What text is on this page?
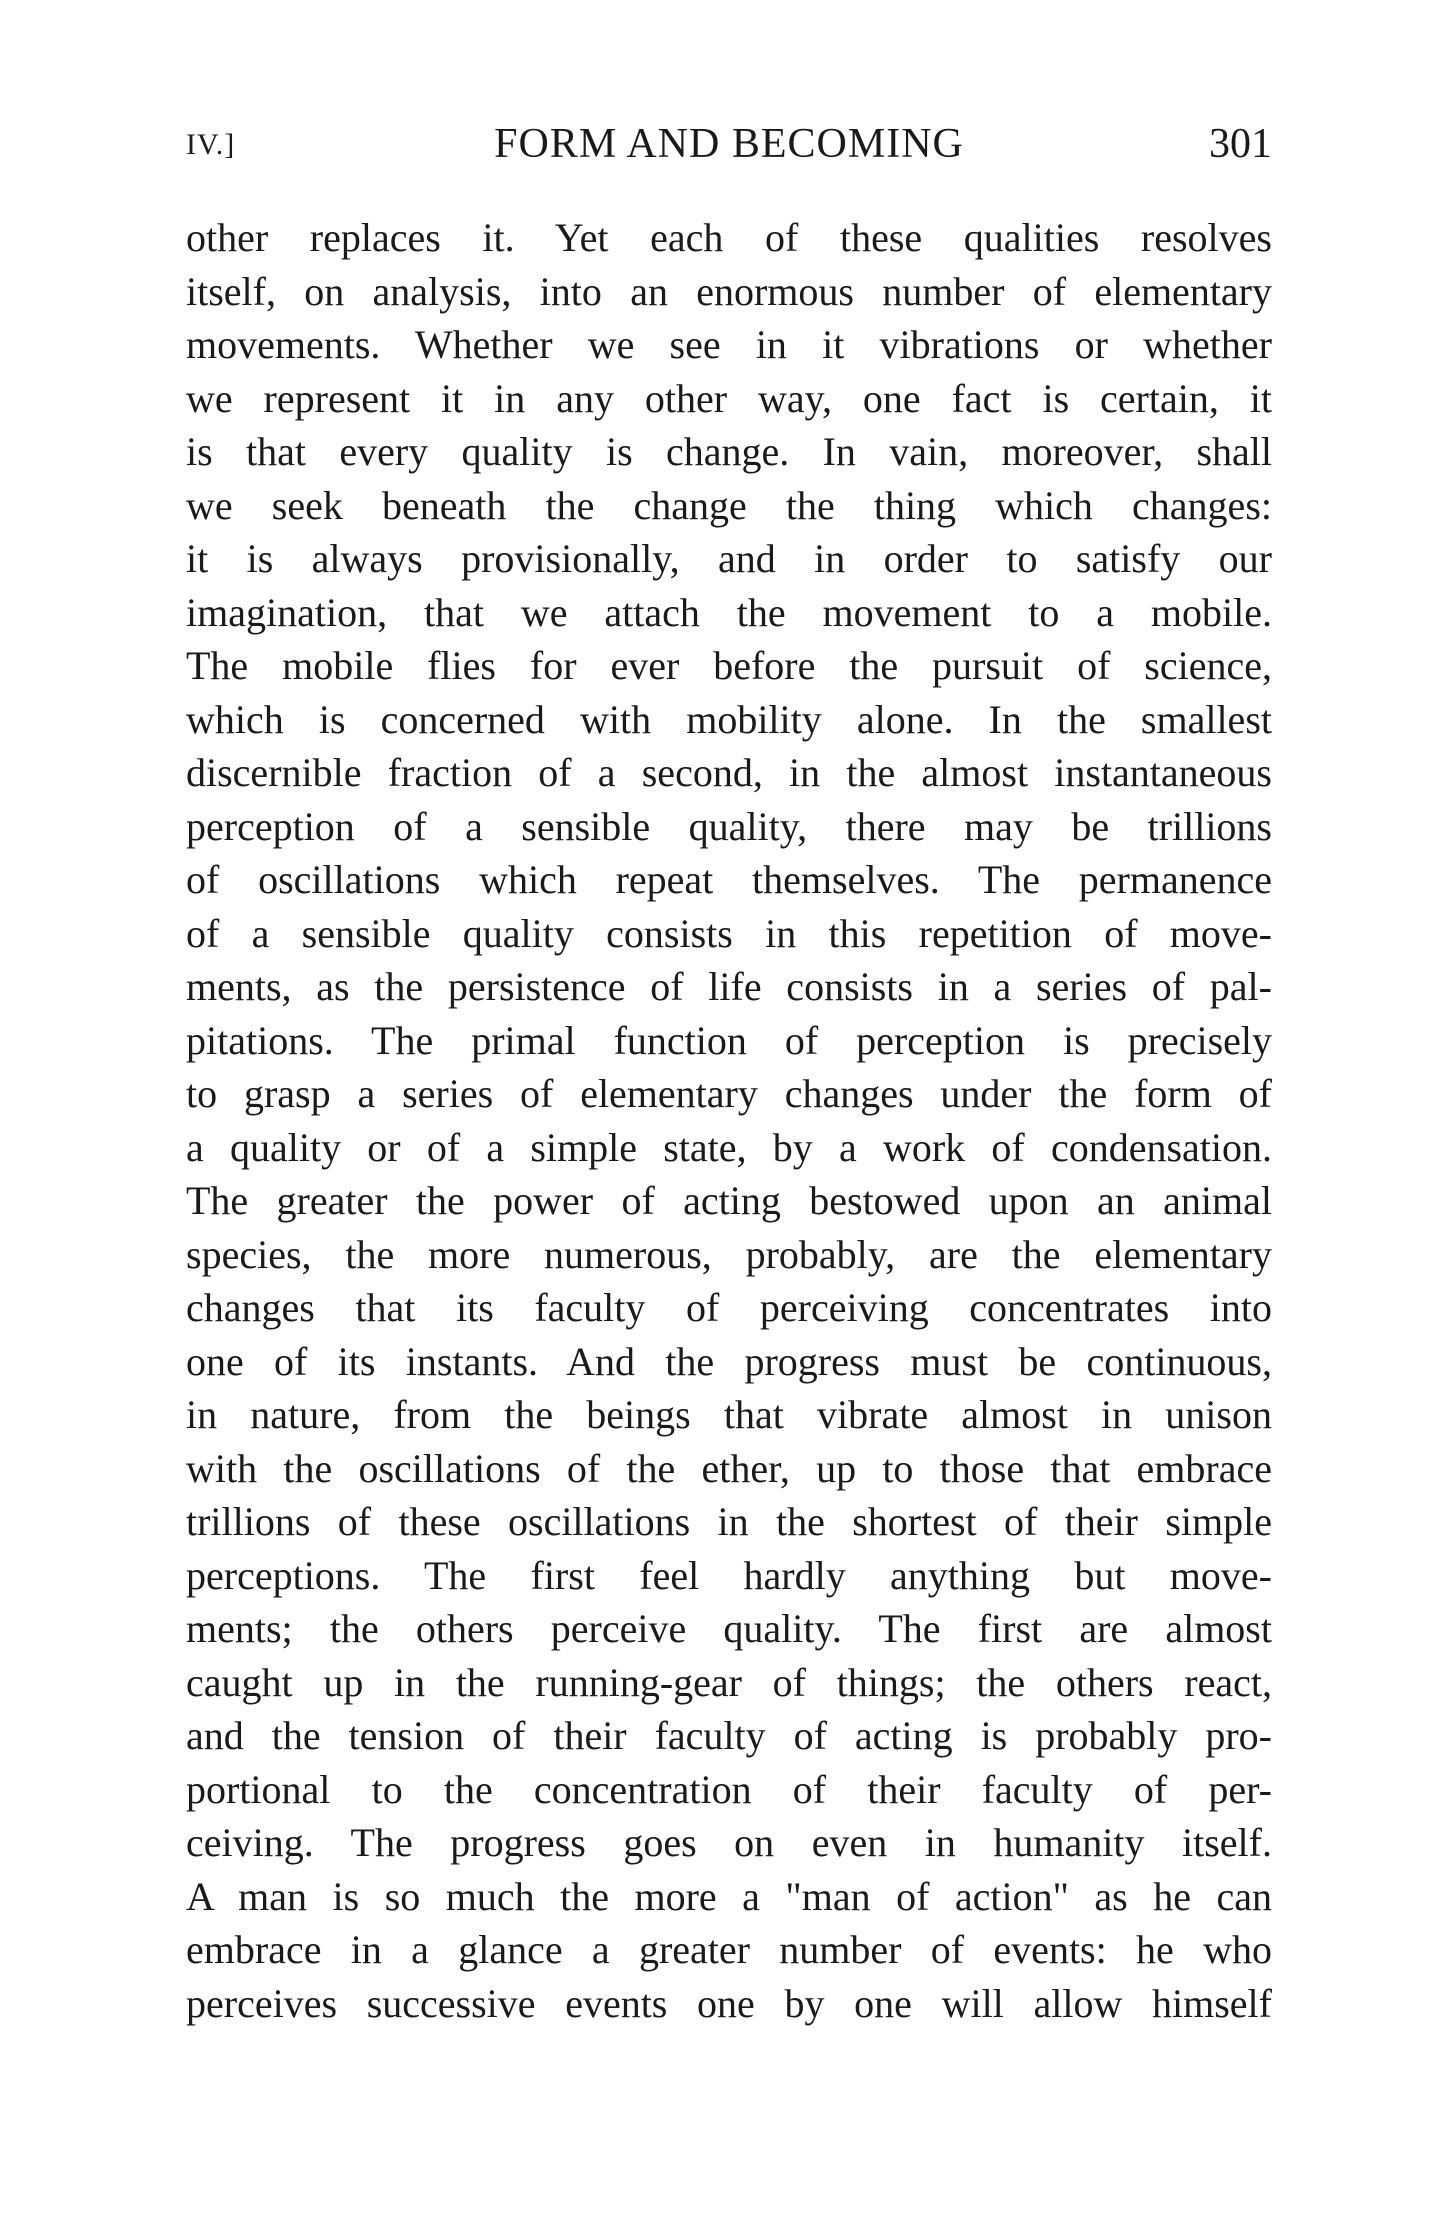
IV.]	FORM AND BECOMING	301
other replaces it. Yet each of these qualities resolves
itself, on analysis, into an enormous number of elementary
movements. Whether we see in it vibrations or whether
we represent it in any other way, one fact is certain, it
is that every quality is change. In vain, moreover, shall
we seek beneath the change the thing which changes:
it is always provisionally, and in order to satisfy our
imagination, that we attach the movement to a mobile.
The mobile flies for ever before the pursuit of science,
which is concerned with mobility alone. In the smallest
discernible fraction of a second, in the almost instantaneous
perception of a sensible quality, there may be trillions
of oscillations which repeat themselves. The permanence
of a sensible quality consists in this repetition of move-
ments, as the persistence of life consists in a series of pal-
pitations. The primal function of perception is precisely
to grasp a series of elementary changes under the form of
a quality or of a simple state, by a work of condensation.
The greater the power of acting bestowed upon an animal
species, the more numerous, probably, are the elementary
changes that its faculty of perceiving concentrates into
one of its instants. And the progress must be continuous,
in nature, from the beings that vibrate almost in unison
with the oscillations of the ether, up to those that embrace
trillions of these oscillations in the shortest of their simple
perceptions. The first feel hardly anything but move-
ments; the others perceive quality. The first are almost
caught up in the running-gear of things; the others react,
and the tension of their faculty of acting is probably pro-
portional to the concentration of their faculty of per-
ceiving. The progress goes on even in humanity itself.
A man is so much the more a "man of action" as he can
embrace in a glance a greater number of events: he who
perceives successive events one by one will allow himself
